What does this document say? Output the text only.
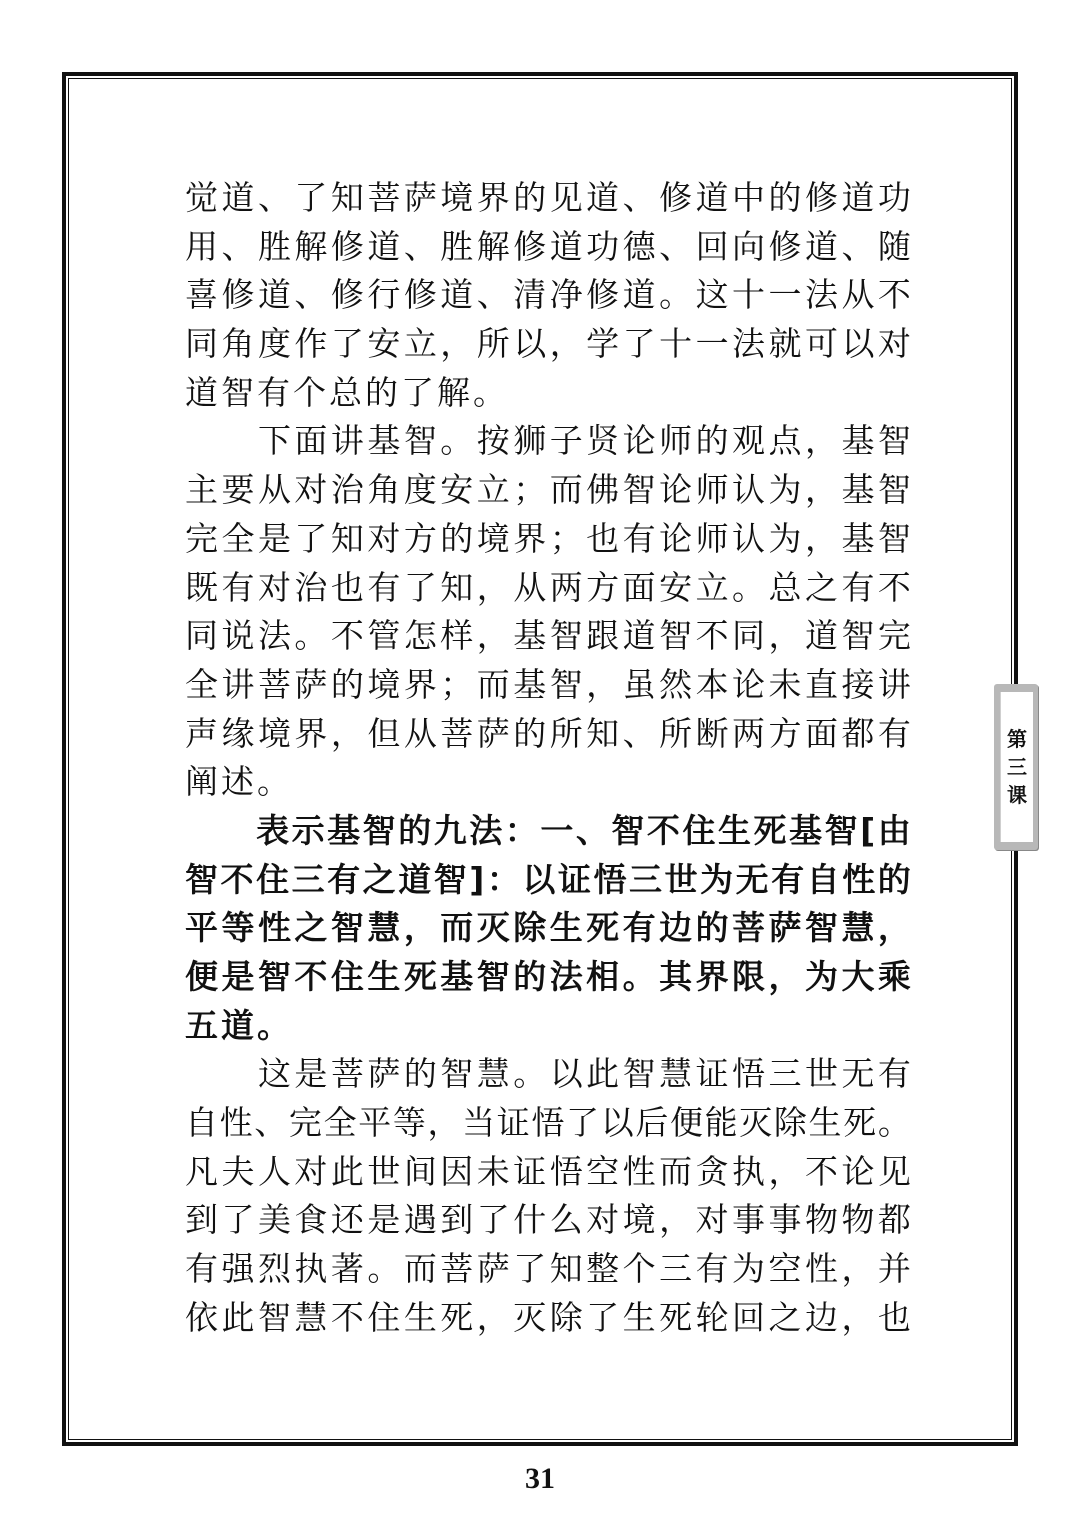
觉 道 、 了 知 菩 萨 境 界 的 见 道 、 修 道 中 的 修 道 功
用 、 胜 解 修 道 、 胜 解 修 道 功 德 、 回 向 修 道 、 随
喜 修 道 、 修 行 修 道 、 清 净 修 道 。 这 十 一 法 从 不
同 角 度 作 了 安 立 ， 所 以 ， 学 了 十 一 法 就 可 以 对
道智有个总的了解。

下 面 讲 基 智 。 按 狮 子 贤 论 师 的 观 点 ， 基 智
主 要 从 对 治 角 度 安 立 ； 而 佛 智 论 师 认 为 ， 基 智
完 全 是 了 知 对 方 的 境 界 ； 也 有 论 师 认 为 ， 基 智
既 有 对 治 也 有 了 知 ， 从 两 方 面 安 立 。 总 之 有 不
同 说 法 。 不 管 怎 样 ， 基 智 跟 道 智 不 同 ， 道 智 完
全 讲 菩 萨 的 境 界 ； 而 基 智 ， 虽 然 本 论 未 直 接 讲
声 缘 境 界 ， 但 从 菩 萨 的 所 知 、 所 断 两 方 面 都 有
阐述。

表 示 基 智 的 九 法 ： 一 、 智 不 住 生 死 基 智 [ 由
智 不 住 三 有 之 道 智 ] ： 以 证 悟 三 世 为 无 有 自 性 的
平 等 性 之 智 慧 ， 而 灭 除 生 死 有 边 的 菩 萨 智 慧 ，
便 是 智 不 住 生 死 基 智 的 法 相 。 其 界 限 ， 为 大 乘
五道。

这 是 菩 萨 的 智 慧 。 以 此 智 慧 证 悟 三 世 无 有
自 性 、 完 全 平 等 ， 当 证 悟 了 以 后 便 能 灭 除 生 死 。
凡 夫 人 对 此 世 间 因 未 证 悟 空 性 而 贪 执 ， 不 论 见
到 了 美 食 还 是 遇 到 了 什 么 对 境 ， 对 事 事 物 物 都
有 强 烈 执 著 。 而 菩 萨 了 知 整 个 三 有 为 空 性 ， 并
依 此 智 慧 不 住 生 死 ， 灭 除 了 生 死 轮 回 之 边 ， 也
第
三
课
31
